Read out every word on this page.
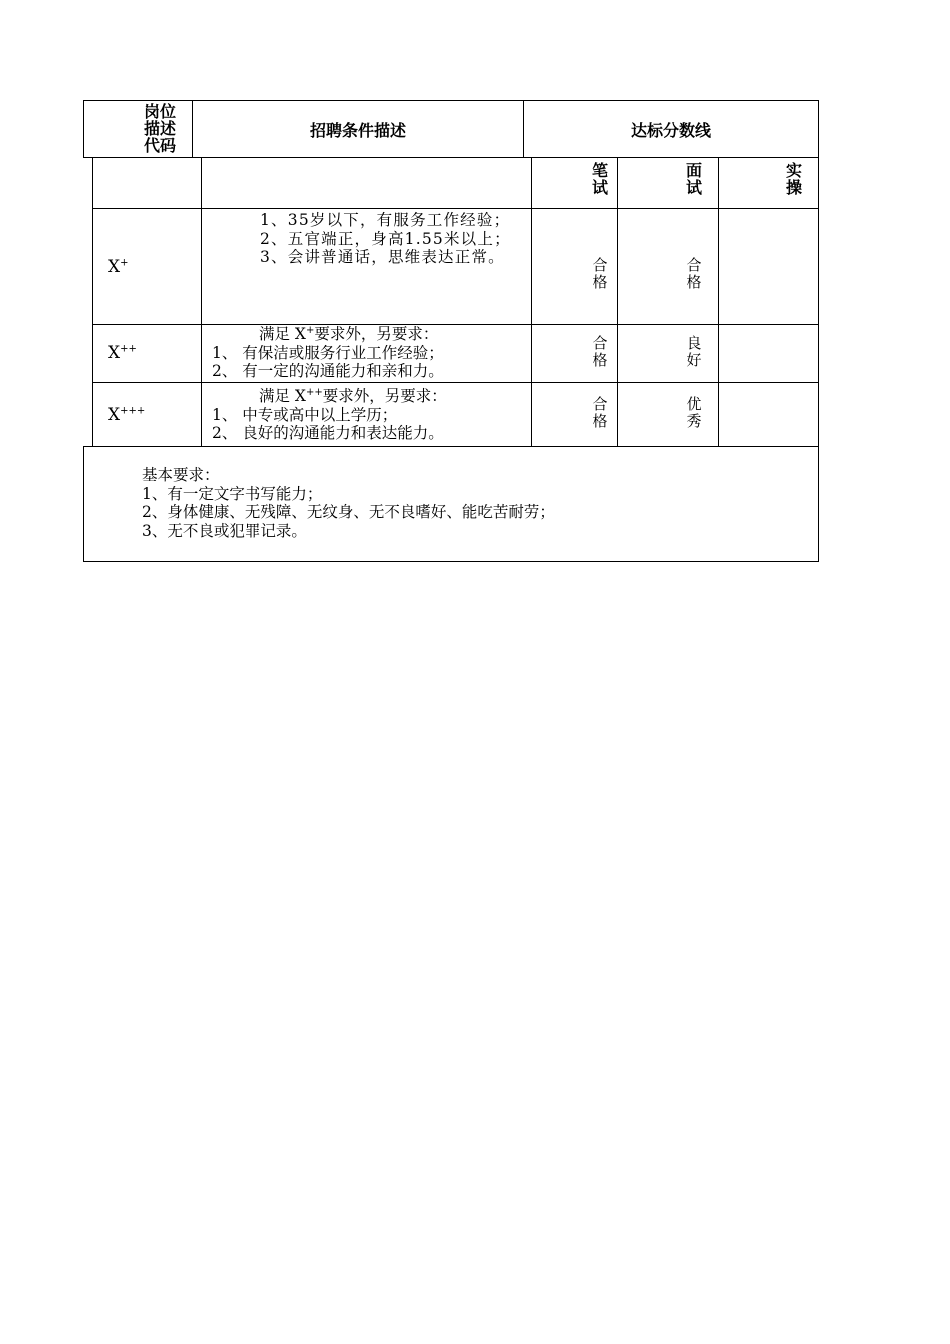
岗位描述代码
招聘条件描述	达标分数线
笔试
面试
实操
X+
1、35岁以下，有服务工作经验；
2、五官端正，身高1.55米以上；
3、会讲普通话，思维表达正常。	合格
合格
X++
满足 X+要求外，另要求：
1、 有保洁或服务行业工作经验；
2、 有一定的沟通能力和亲和力。
合格
良好
X+++
满足 X++要求外，另要求：
1、 中专或高中以上学历；
2、 良好的沟通能力和表达能力。
合格
优秀
基本要求：
1、有一定文字书写能力；
2、身体健康、无残障、无纹身、无不良嗜好、能吃苦耐劳；
3、无不良或犯罪记录。
